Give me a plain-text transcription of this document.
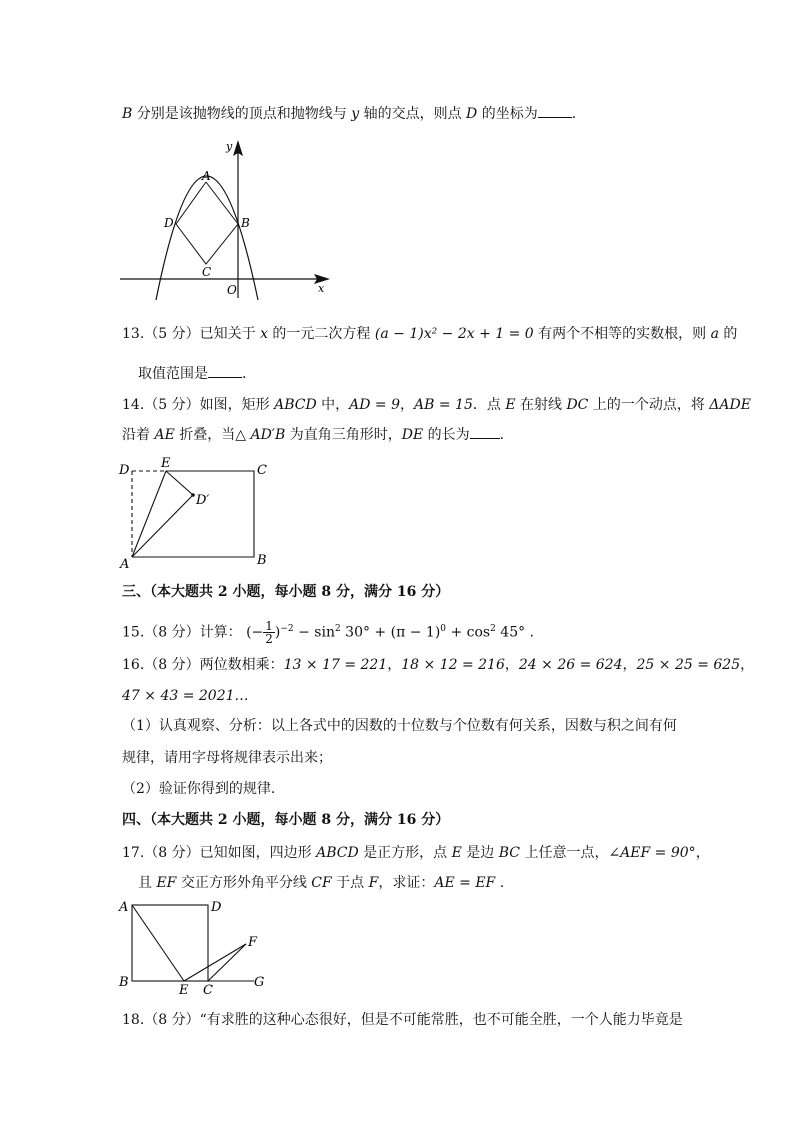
B 分别是该抛物线的顶点和抛物线与 y 轴的交点，则点 D 的坐标为 .
A
D
C
B
O	x
y
13.（5 分）已知关于 x 的一元二次方程 (a − 1)x² − 2x + 1 = 0 有两个不相等的实数根，则 a 的
取值范围是 .
14.（5 分）如图，矩形 ABCD 中，AD = 9，AB = 15．点 E 在射线 DC 上的一个动点，将 ΔADE
沿着 AE 折叠，当△ AD′B 为直角三角形时，DE 的长为 .
D E	C
D′
A	B
三、（本大题共 2 小题，每小题 8 分，满分 16 分）
15.（8 分）计算： (− $\frac{1}{2} )^{-2} - \sin^2 30^\circ + (\pi - 1)^0 + \cos^2 45^\circ$ .
16.（8 分）两位数相乘：13 × 17 = 221，18 × 12 = 216，24 × 26 = 624，25 × 25 = 625，
47 × 43 = 2021…
（1）认真观察、分析：以上各式中的因数的十位数与个位数有何关系，因数与积之间有何
规律，请用字母将规律表示出来；
（2）验证你得到的规律.
四、（本大题共 2 小题，每小题 8 分，满分 16 分）
17.（8 分）已知如图，四边形 ABCD 是正方形，点 E 是边 BC 上任意一点，∠AEF = 90°，
且 EF 交正方形外角平分线 CF 于点 F，求证：AE = EF .
A	D
F
B
E C
G
18.（8 分）“有求胜的这种心态很好，但是不可能常胜，也不可能全胜，一个人能力毕竟是
